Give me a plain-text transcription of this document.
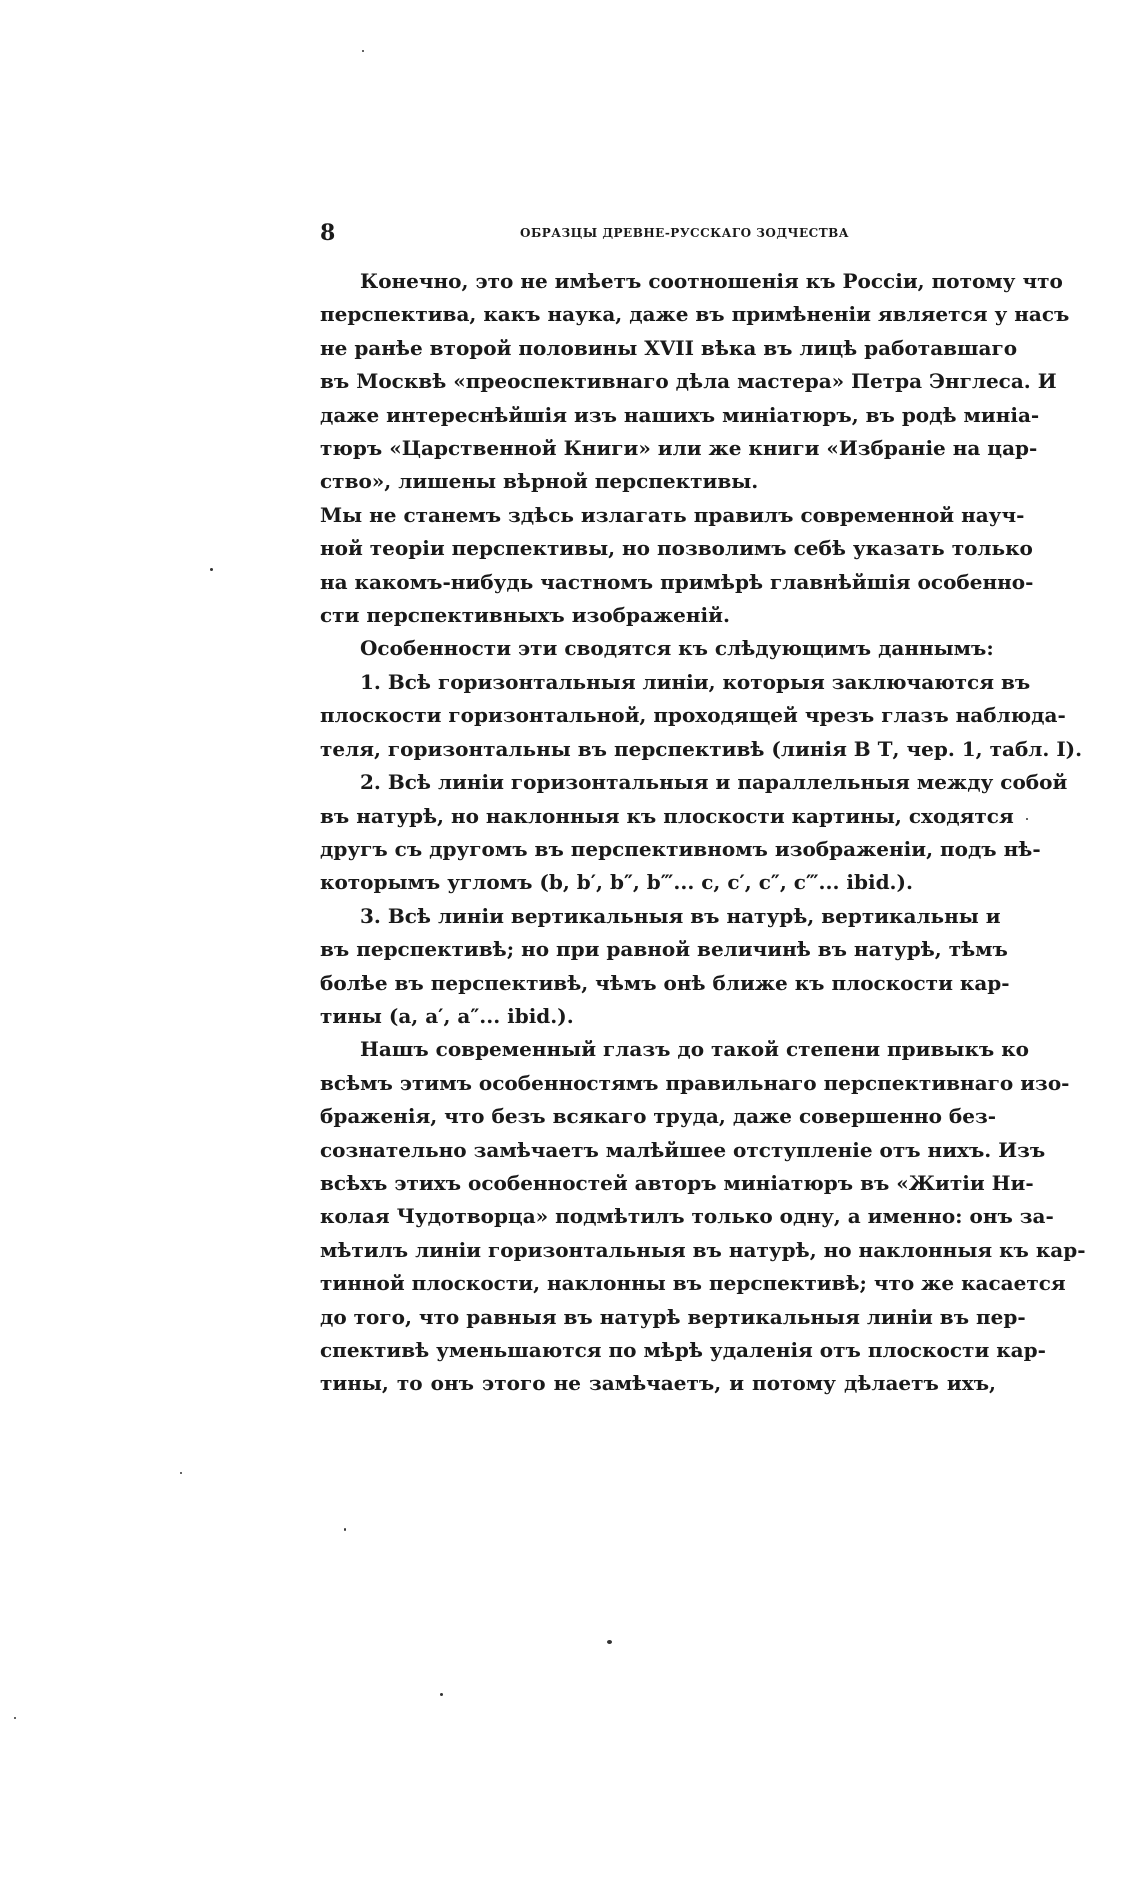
8	ОБРАЗЦЫ ДРЕВНЕ-РУССКАГО ЗОДЧЕСТВА
Конечно, это не имѣетъ соотношенія къ Россіи, потому что
перспектива, какъ наука, даже въ примѣненіи является у насъ
не ранѣе второй половины XVII вѣка въ лицѣ работавшаго
въ Москвѣ «преоспективнаго дѣла мастера» Петра Энглеса. И
даже интереснѣйшія изъ нашихъ миніатюръ, въ родѣ миніа-
тюръ «Царственной Книги» или же книги «Избраніе на цар-
ство», лишены вѣрной перспективы.
Мы не станемъ здѣсь излагать правилъ современной науч-
ной теоріи перспективы, но позволимъ себѣ указать только
на какомъ-нибудь частномъ примѣрѣ главнѣйшія особенно-
сти перспективныхъ изображеній.
Особенности эти сводятся къ слѣдующимъ даннымъ:
1. Всѣ горизонтальныя линіи, которыя заключаются въ
плоскости горизонтальной, проходящей чрезъ глазъ наблюда-
теля, горизонтальны въ перспективѣ (линія В Т, чер. 1, табл. I).
2. Всѣ линіи горизонтальныя и параллельныя между собой
въ натурѣ, но наклонныя къ плоскости картины, сходятся
другъ съ другомъ въ перспективномъ изображеніи, подъ нѣ-
которымъ угломъ (b, b′, b″, b‴... c, c′, c″, c‴... ibid.).
3. Всѣ линіи вертикальныя въ натурѣ, вертикальны и
въ перспективѣ; но при равной величинѣ въ натурѣ, тѣмъ
болѣе въ перспективѣ, чѣмъ онѣ ближе къ плоскости кар-
тины (a, a′, a″... ibid.).
Нашъ современный глазъ до такой степени привыкъ ко
всѣмъ этимъ особенностямъ правильнаго перспективнаго изо-
браженія, что безъ всякаго труда, даже совершенно без-
сознательно замѣчаетъ малѣйшее отступленіе отъ нихъ. Изъ
всѣхъ этихъ особенностей авторъ миніатюръ въ «Житіи Ни-
колая Чудотворца» подмѣтилъ только одну, а именно: онъ за-
мѣтилъ линіи горизонтальныя въ натурѣ, но наклонныя къ кар-
тинной плоскости, наклонны въ перспективѣ; что же касается
до того, что равныя въ натурѣ вертикальныя линіи въ пер-
спективѣ уменьшаются по мѣрѣ удаленія отъ плоскости кар-
тины, то онъ этого не замѣчаетъ, и потому дѣлаетъ ихъ,
